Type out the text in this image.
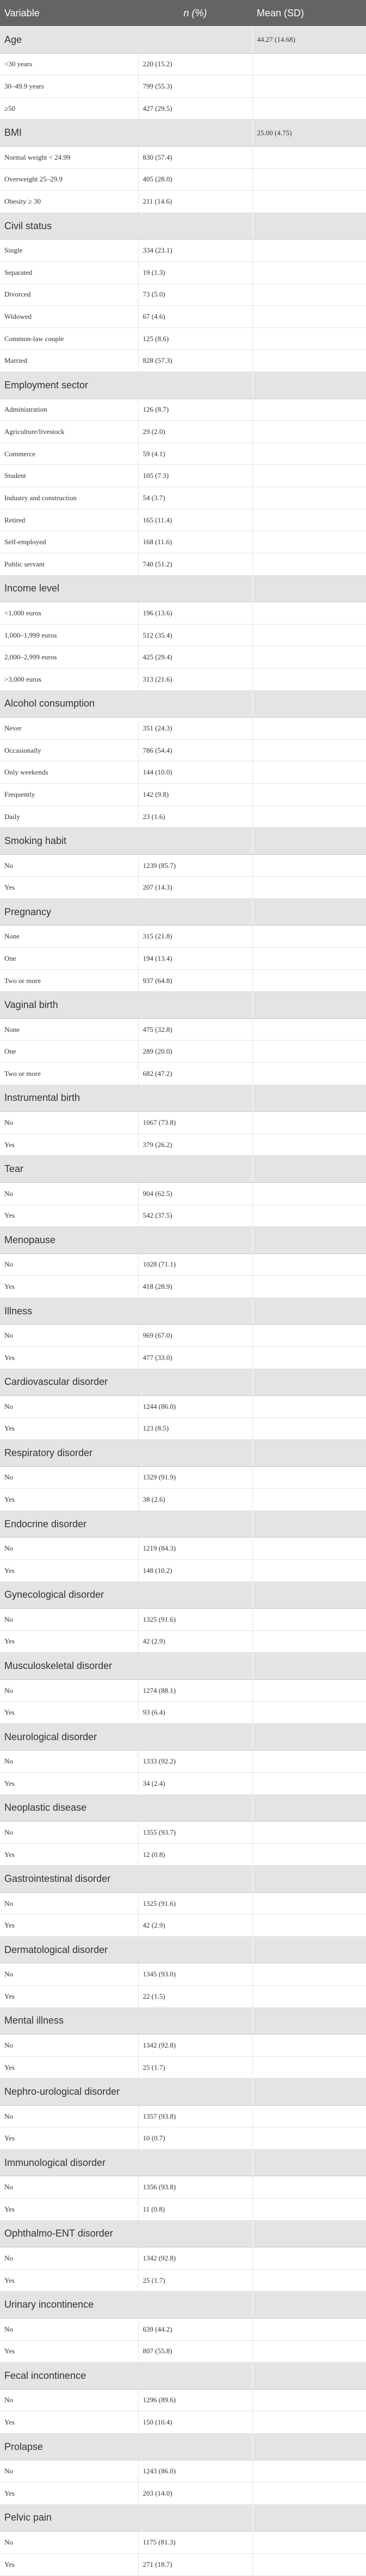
Variable	n (%)	Mean (SD)
Age		44.27 (14.68)
<30 years	220 (15.2)	
30–49.9 years	799 (55.3)	
≥50	427 (29.5)	
BMI		25.00 (4.75)
Normal weight < 24.99	830 (57.4)	
Overweight 25–29.9	405 (28.0)	
Obesity ≥ 30	211 (14.6)	
Civil status		
Single	334 (23.1)	
Separated	19 (1.3)	
Divorced	73 (5.0)	
Widowed	67 (4.6)	
Common-law couple	125 (8.6)	
Married	828 (57.3)	
Employment sector		
Administration	126 (8.7)	
Agriculture/livestock	29 (2.0)	
Commerce	59 (4.1)	
Student	105 (7.3)	
Industry and construction	54 (3.7)	
Retired	165 (11.4)	
Self-employed	168 (11.6)	
Public servant	740 (51.2)	
Income level		
<1,000 euros	196 (13.6)	
1,000–1,999 euros	512 (35.4)	
2,000–2,999 euros	425 (29.4)	
>3,000 euros	313 (21.6)	
Alcohol consumption		
Never	351 (24.3)	
Occasionally	786 (54.4)	
Only weekends	144 (10.0)	
Frequently	142 (9.8)	
Daily	23 (1.6)	
Smoking habit		
No	1239 (85.7)	
Yes	207 (14.3)	
Pregnancy		
None	315 (21.8)	
One	194 (13.4)	
Two or more	937 (64.8)	
Vaginal birth		
None	475 (32.8)	
One	289 (20.0)	
Two or more	682 (47.2)	
Instrumental birth		
No	1067 (73.8)	
Yes	379 (26.2)	
Tear		
No	904 (62.5)	
Yes	542 (37.5)	
Menopause		
No	1028 (71.1)	
Yes	418 (28.9)	
Illness		
No	969 (67.0)	
Yes	477 (33.0)	
Cardiovascular disorder		
No	1244 (86.0)	
Yes	123 (8.5)	
Respiratory disorder		
No	1329 (91.9)	
Yes	38 (2.6)	
Endocrine disorder		
No	1219 (84.3)	
Yes	148 (10.2)	
Gynecological disorder		
No	1325 (91.6)	
Yes	42 (2.9)	
Musculoskeletal disorder		
No	1274 (88.1)	
Yes	93 (6.4)	
Neurological disorder		
No	1333 (92.2)	
Yes	34 (2.4)	
Neoplastic disease		
No	1355 (93.7)	
Yes	12 (0.8)	
Gastrointestinal disorder		
No	1325 (91.6)	
Yes	42 (2.9)	
Dermatological disorder		
No	1345 (93.0)	
Yes	22 (1.5)	
Mental illness		
No	1342 (92.8)	
Yes	25 (1.7)	
Nephro-urological disorder		
No	1357 (93.8)	
Yes	10 (0.7)	
Immunological disorder		
No	1356 (93.8)	
Yes	11 (0.8)	
Ophthalmo-ENT disorder		
No	1342 (92.8)	
Yes	25 (1.7)	
Urinary incontinence		
No	639 (44.2)	
Yes	807 (55.8)	
Fecal incontinence		
No	1296 (89.6)	
Yes	150 (10.4)	
Prolapse		
No	1243 (86.0)	
Yes	203 (14.0)	
Pelvic pain		
No	1175 (81.3)	
Yes	271 (18.7)	
